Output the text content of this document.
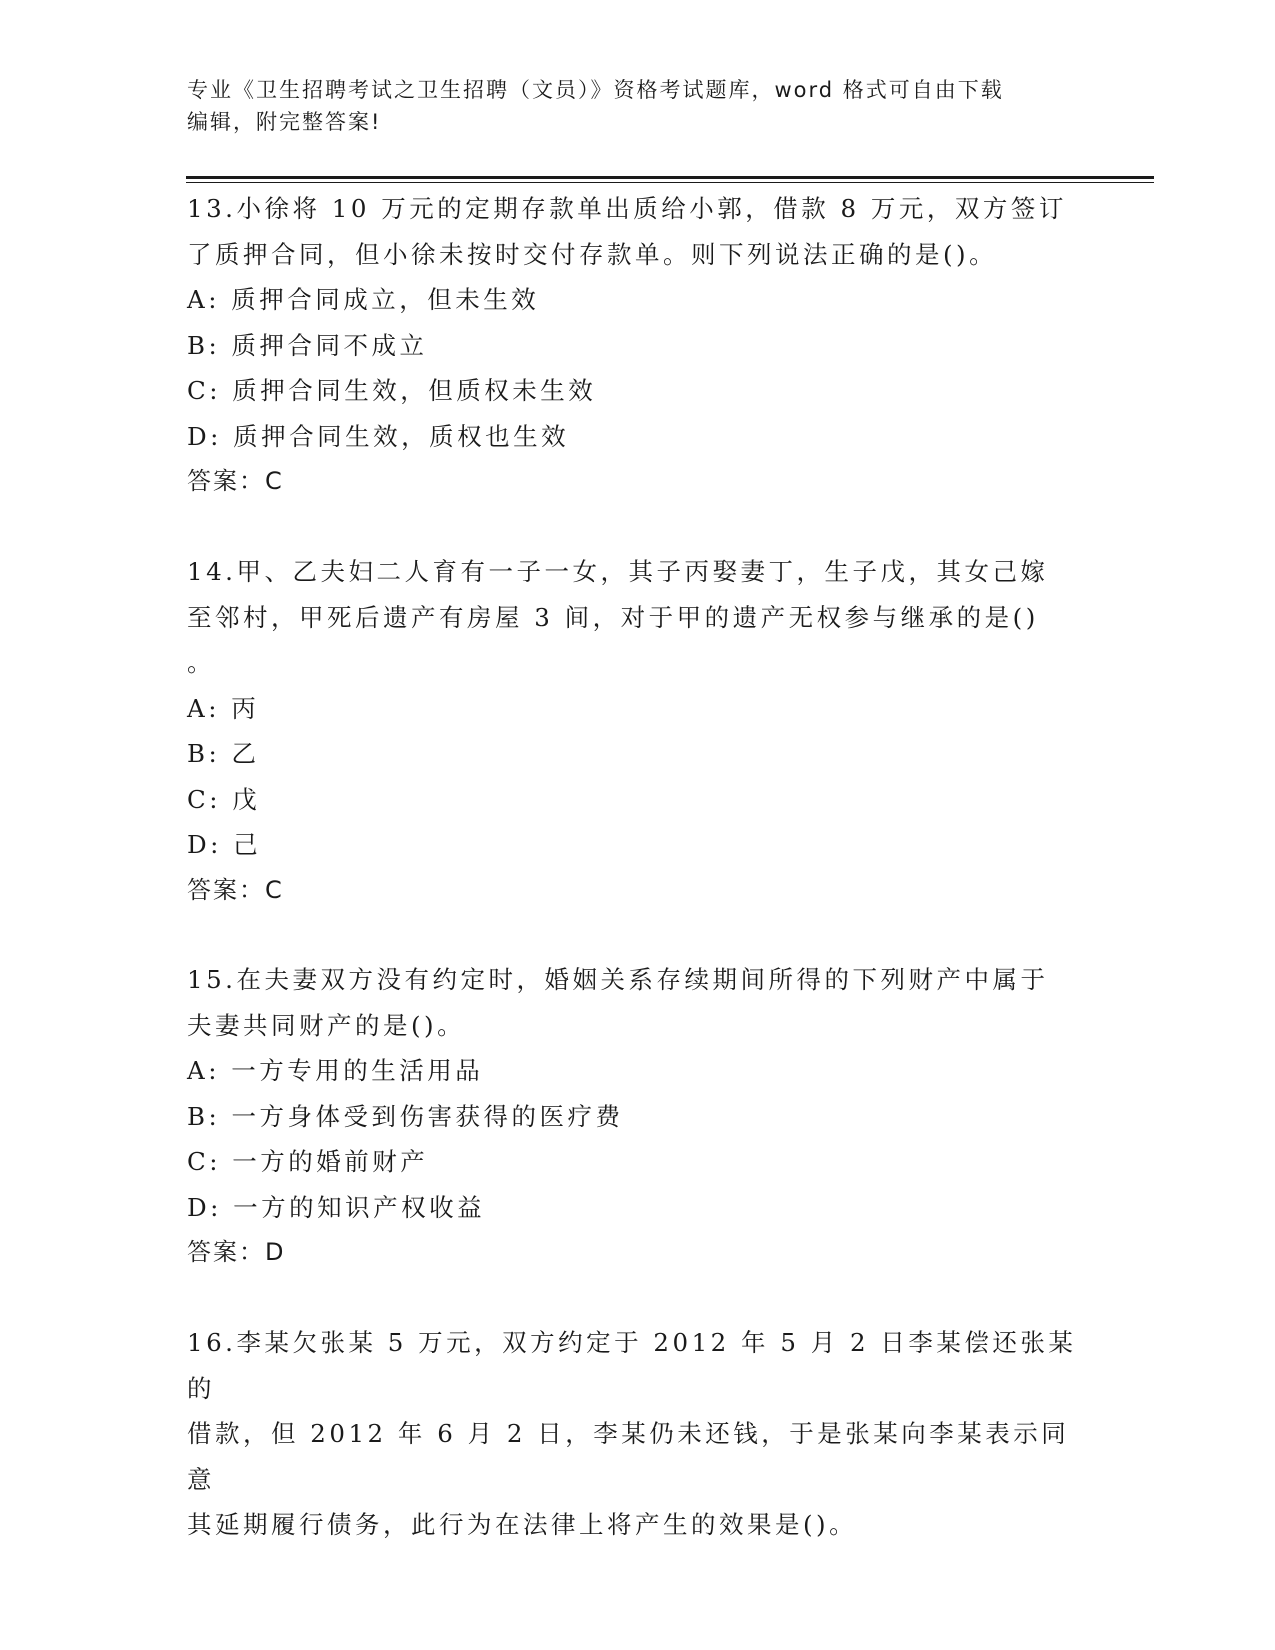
专业《卫生招聘考试之卫生招聘（文员）》资格考试题库，word 格式可自由下载
编辑，附完整答案!

13.小徐将 10 万元的定期存款单出质给小郭，借款 8 万元，双方签订

了质押合同，但小徐未按时交付存款单。则下列说法正确的是()。

A: 质押合同成立，但未生效

B: 质押合同不成立

C: 质押合同生效，但质权未生效

D: 质押合同生效，质权也生效

答案：C

14.甲、乙夫妇二人育有一子一女，其子丙娶妻丁，生子戊，其女己嫁

至邻村，甲死后遗产有房屋 3 间，对于甲的遗产无权参与继承的是()

。

A: 丙

B: 乙

C: 戊

D: 己

答案：C

15.在夫妻双方没有约定时，婚姻关系存续期间所得的下列财产中属于

夫妻共同财产的是()。

A: 一方专用的生活用品

B: 一方身体受到伤害获得的医疗费

C: 一方的婚前财产

D: 一方的知识产权收益

答案：D

16.李某欠张某 5 万元，双方约定于 2012 年 5 月 2 日李某偿还张某的

借款，但 2012 年 6 月 2 日，李某仍未还钱，于是张某向李某表示同意

其延期履行债务，此行为在法律上将产生的效果是()。
